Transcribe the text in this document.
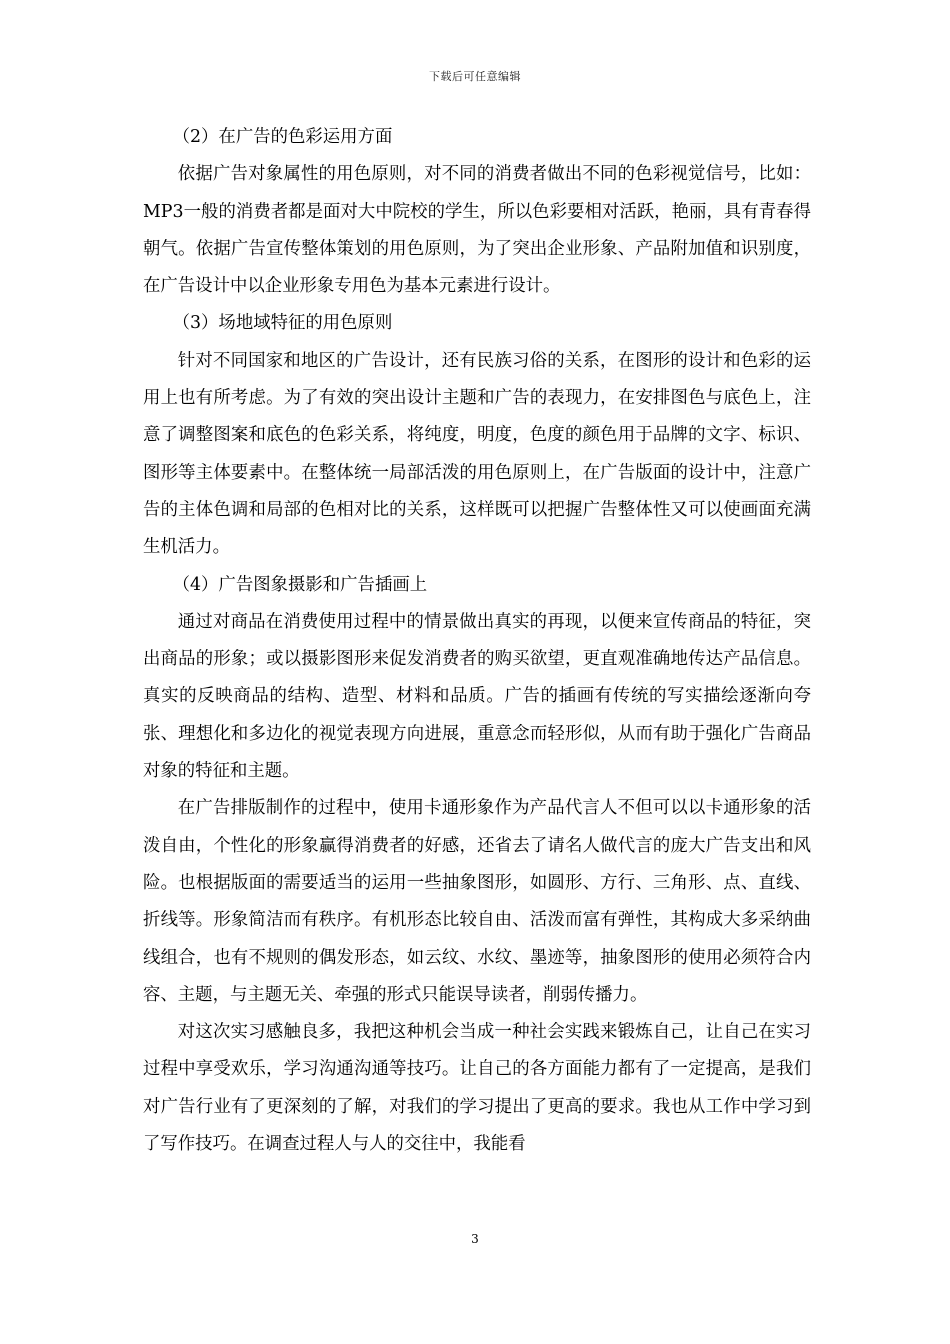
下载后可任意编辑

（2）在广告的色彩运用方面

依据广告对象属性的用色原则，对不同的消费者做出不同的色彩视觉信号，比如：MP3一般的消费者都是面对大中院校的学生，所以色彩要相对活跃，艳丽，具有青春得朝气。依据广告宣传整体策划的用色原则，为了突出企业形象、产品附加值和识别度，在广告设计中以企业形象专用色为基本元素进行设计。

（3）场地域特征的用色原则

针对不同国家和地区的广告设计，还有民族习俗的关系，在图形的设计和色彩的运用上也有所考虑。为了有效的突出设计主题和广告的表现力，在安排图色与底色上，注意了调整图案和底色的色彩关系，将纯度，明度，色度的颜色用于品牌的文字、标识、图形等主体要素中。在整体统一局部活泼的用色原则上，在广告版面的设计中，注意广告的主体色调和局部的色相对比的关系，这样既可以把握广告整体性又可以使画面充满生机活力。

（4）广告图象摄影和广告插画上

通过对商品在消费使用过程中的情景做出真实的再现，以便来宣传商品的特征，突出商品的形象；或以摄影图形来促发消费者的购买欲望，更直观准确地传达产品信息。真实的反映商品的结构、造型、材料和品质。广告的插画有传统的写实描绘逐渐向夸张、理想化和多边化的视觉表现方向进展，重意念而轻形似，从而有助于强化广告商品对象的特征和主题。

在广告排版制作的过程中，使用卡通形象作为产品代言人不但可以以卡通形象的活泼自由，个性化的形象赢得消费者的好感，还省去了请名人做代言的庞大广告支出和风险。也根据版面的需要适当的运用一些抽象图形，如圆形、方行、三角形、点、直线、折线等。形象简洁而有秩序。有机形态比较自由、活泼而富有弹性，其构成大多采纳曲线组合，也有不规则的偶发形态，如云纹、水纹、墨迹等，抽象图形的使用必须符合内容、主题，与主题无关、牵强的形式只能误导读者，削弱传播力。

对这次实习感触良多，我把这种机会当成一种社会实践来锻炼自己，让自己在实习过程中享受欢乐，学习沟通沟通等技巧。让自己的各方面能力都有了一定提高，是我们对广告行业有了更深刻的了解，对我们的学习提出了更高的要求。我也从工作中学习到了写作技巧。在调查过程人与人的交往中，我能看

3
